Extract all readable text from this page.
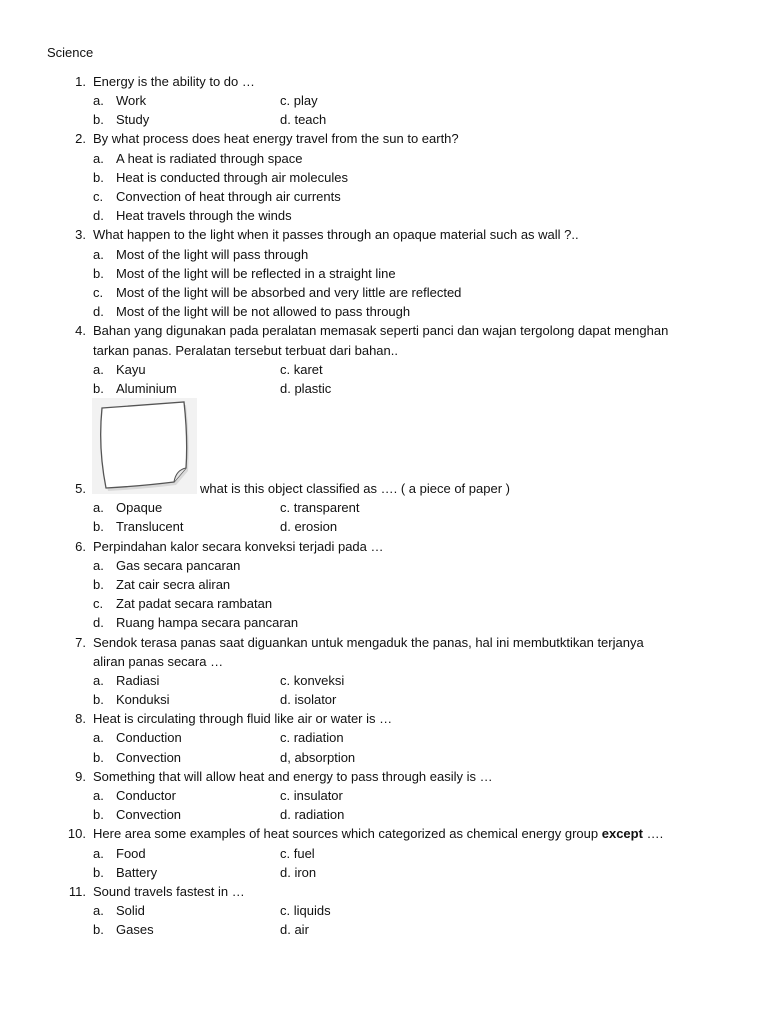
Science
1. Energy is the ability to do …
a. Work	c. play
b. Study	d. teach
2. By what process does heat energy travel from the sun to earth?
a. A heat is radiated through space
b. Heat is conducted through air molecules
c. Convection of heat through air currents
d. Heat travels through the winds
3. What happen to the light when it passes through an opaque material such as wall ?..
a. Most of the light will pass through
b. Most of the light will be reflected in a straight line
c. Most of the light will be absorbed and very little are reflected
d. Most of the light will be not allowed to pass through
4. Bahan yang digunakan pada peralatan memasak seperti panci dan wajan tergolong dapat menghan
tarkan panas. Peralatan tersebut terbuat dari bahan..
a. Kayu	c. karet
b. Aluminium	d. plastic
5.	what is this object classified as …. ( a piece of paper )
a. Opaque	c. transparent
b. Translucent	d. erosion
6. Perpindahan kalor secara konveksi terjadi pada …
a. Gas secara pancaran
b. Zat cair secra aliran
c. Zat padat secara rambatan
d. Ruang hampa secara pancaran
7. Sendok terasa panas saat diguankan untuk mengaduk the panas, hal ini membutktikan terjanya
aliran panas secara …
a. Radiasi	c. konveksi
b. Konduksi	d. isolator
8. Heat is circulating through fluid like air or water is …
a. Conduction	c. radiation
b. Convection	d, absorption
9. Something that will allow heat and energy to pass through easily is …
a. Conductor	c. insulator
b. Convection	d. radiation
10. Here area some examples of heat sources which categorized as chemical energy group except ….
a. Food	c. fuel
b. Battery	d. iron
11. Sound travels fastest in …
a. Solid	c. liquids
b. Gases	d. air
